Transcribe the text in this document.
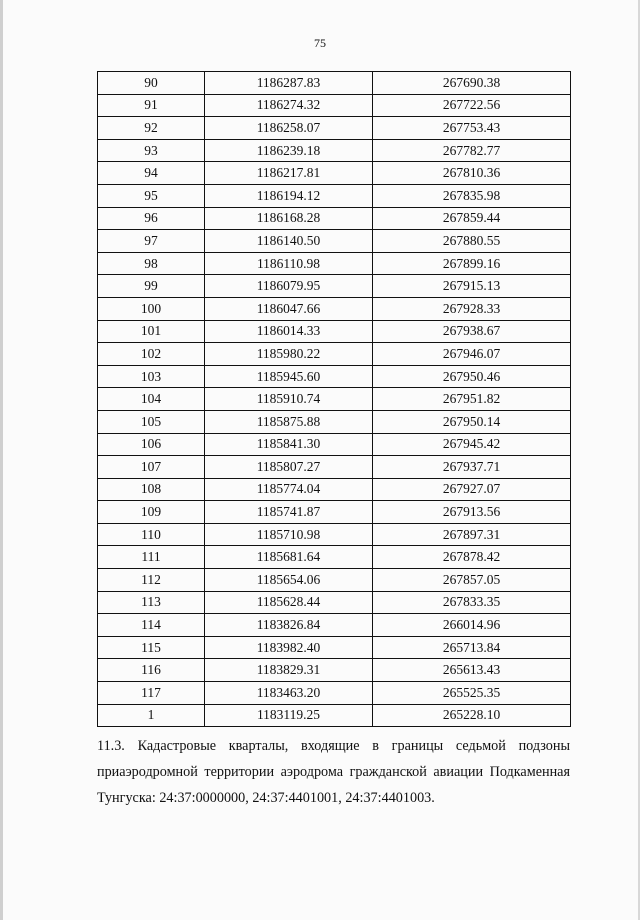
75
90	1186287.83	267690.38
91	1186274.32	267722.56
92	1186258.07	267753.43
93	1186239.18	267782.77
94	1186217.81	267810.36
95	1186194.12	267835.98
96	1186168.28	267859.44
97	1186140.50	267880.55
98	1186110.98	267899.16
99	1186079.95	267915.13
100	1186047.66	267928.33
101	1186014.33	267938.67
102	1185980.22	267946.07
103	1185945.60	267950.46
104	1185910.74	267951.82
105	1185875.88	267950.14
106	1185841.30	267945.42
107	1185807.27	267937.71
108	1185774.04	267927.07
109	1185741.87	267913.56
110	1185710.98	267897.31
111	1185681.64	267878.42
112	1185654.06	267857.05
113	1185628.44	267833.35
114	1183826.84	266014.96
115	1183982.40	265713.84
116	1183829.31	265613.43
117	1183463.20	265525.35
1	1183119.25	265228.10
11.3. Кадастровые кварталы, входящие в границы седьмой подзоны приаэродромной территории аэродрома гражданской авиации Подкаменная Тунгуска: 24:37:0000000, 24:37:4401001, 24:37:4401003.
